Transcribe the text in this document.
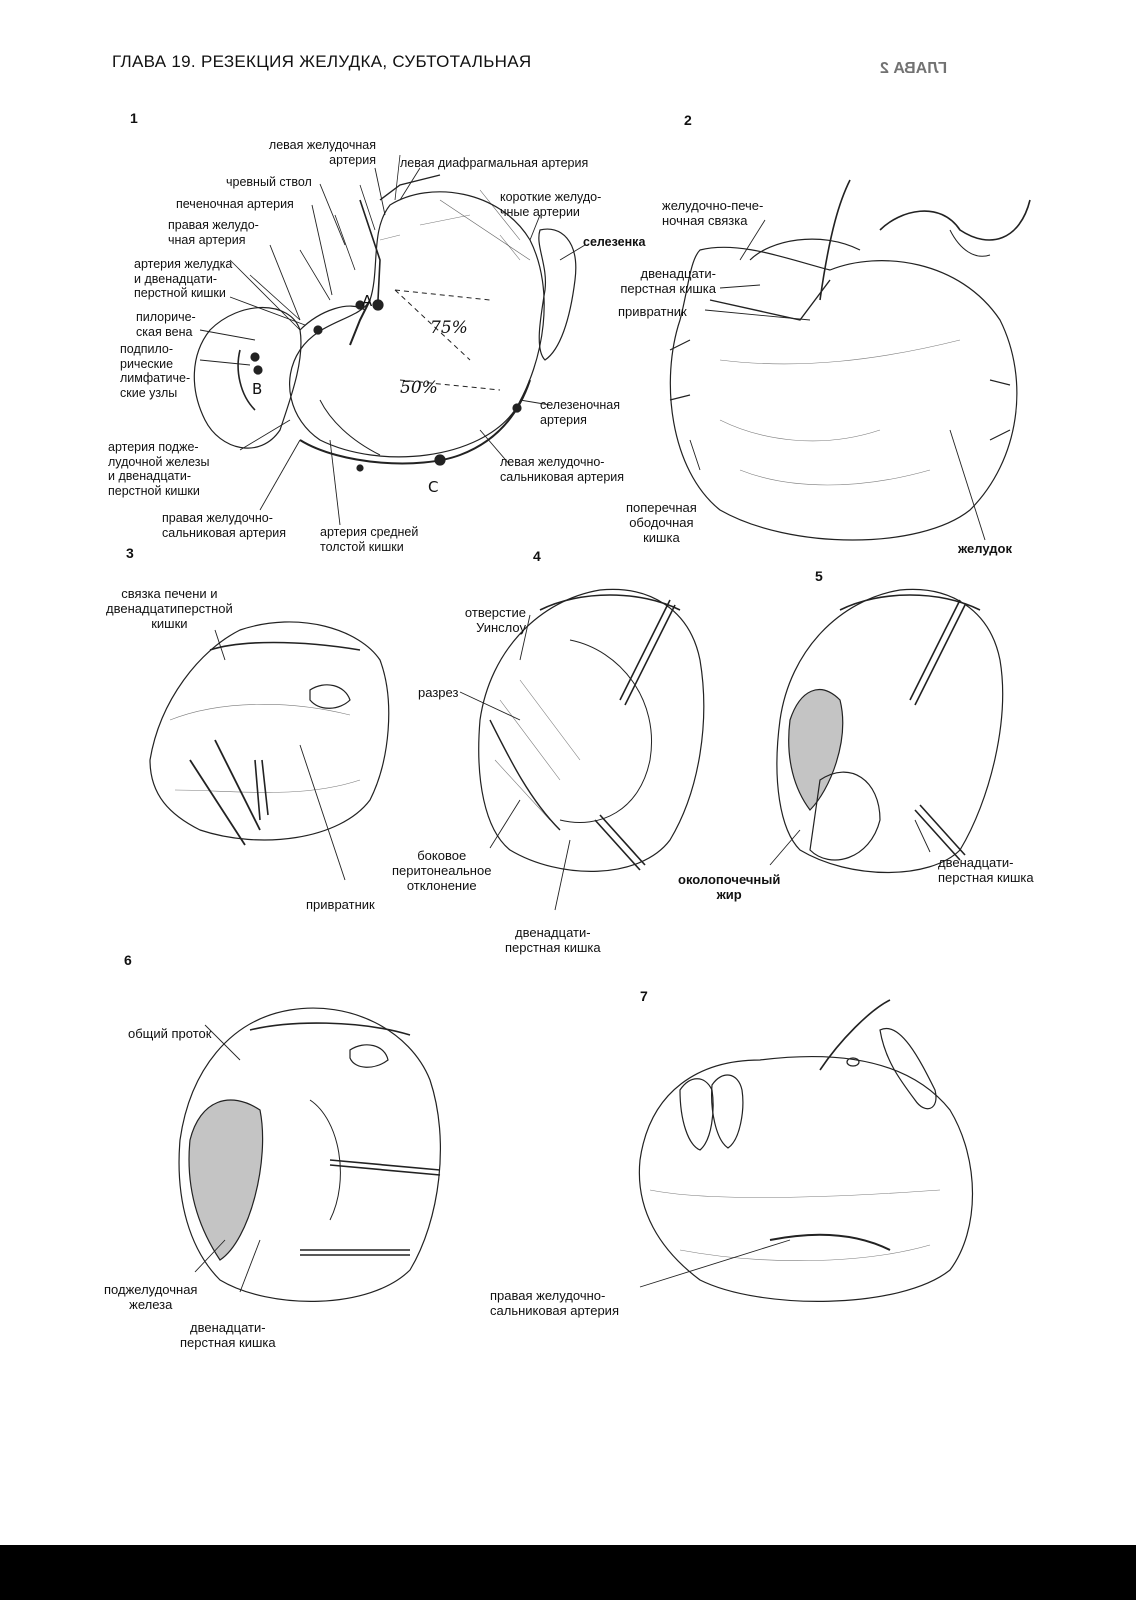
ГЛАВА 19. РЕЗЕКЦИЯ ЖЕЛУДКА, СУБТОТАЛЬНАЯ	ГЛАВА 2
1	2
3	4
5
6
7
левая желудочная
артерия левая диафрагмальная артерия
чревный ствол
печеночная артерия
правая желудо-
чная артерия
артерия желудка
и двенадцати-
перстной кишки
пилориче-
ская вена
подпило-
рические
лимфатиче-
ские узлы
артерия поджe-
лудочной железы
и двенадцати-
перстной кишки
правая желудочно-
сальниковая артерия	артерия средней
толстой кишки
левая желудочно-
сальниковая артерия
селезеночная
артерия
селезенка
короткие желудо-
чные артерии
A
B
C
75%
50%
желудочно-пече-
ночная связка
двенадцати-
перстная кишка
привратник
поперечная
ободочная
кишка
желудок
связка печени и
двенадцатиперстной
кишки
привратник
отверстие
Уинслоу
разрез
боковое
перитонеальное
отклонение
двенадцати-
перстная кишка
околопочечный
жир
двенадцати-
перстная кишка
общий проток
поджелудочная
железа
двенадцати-
перстная кишка
правая желудочно-
сальниковая артерия
